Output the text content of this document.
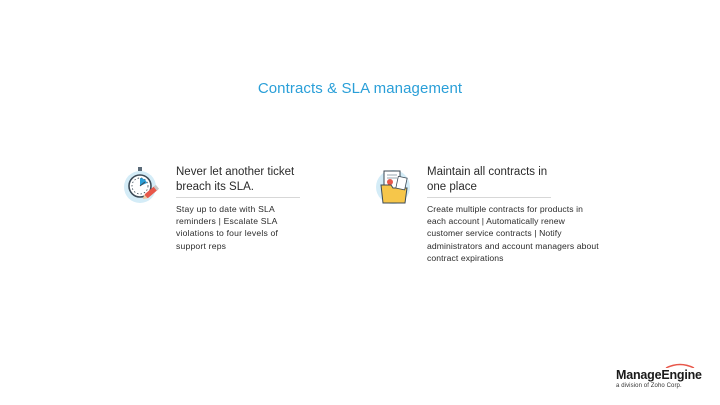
Contracts & SLA management
Never let another ticket breach its SLA.
Stay up to date with SLA reminders | Escalate SLA violations to four levels of support reps
Maintain all contracts in one place
Create multiple contracts for products in each account | Automatically renew customer service contracts | Notify administrators and account managers about contract expirations
ManageEngine
a division of Zoho Corp.
